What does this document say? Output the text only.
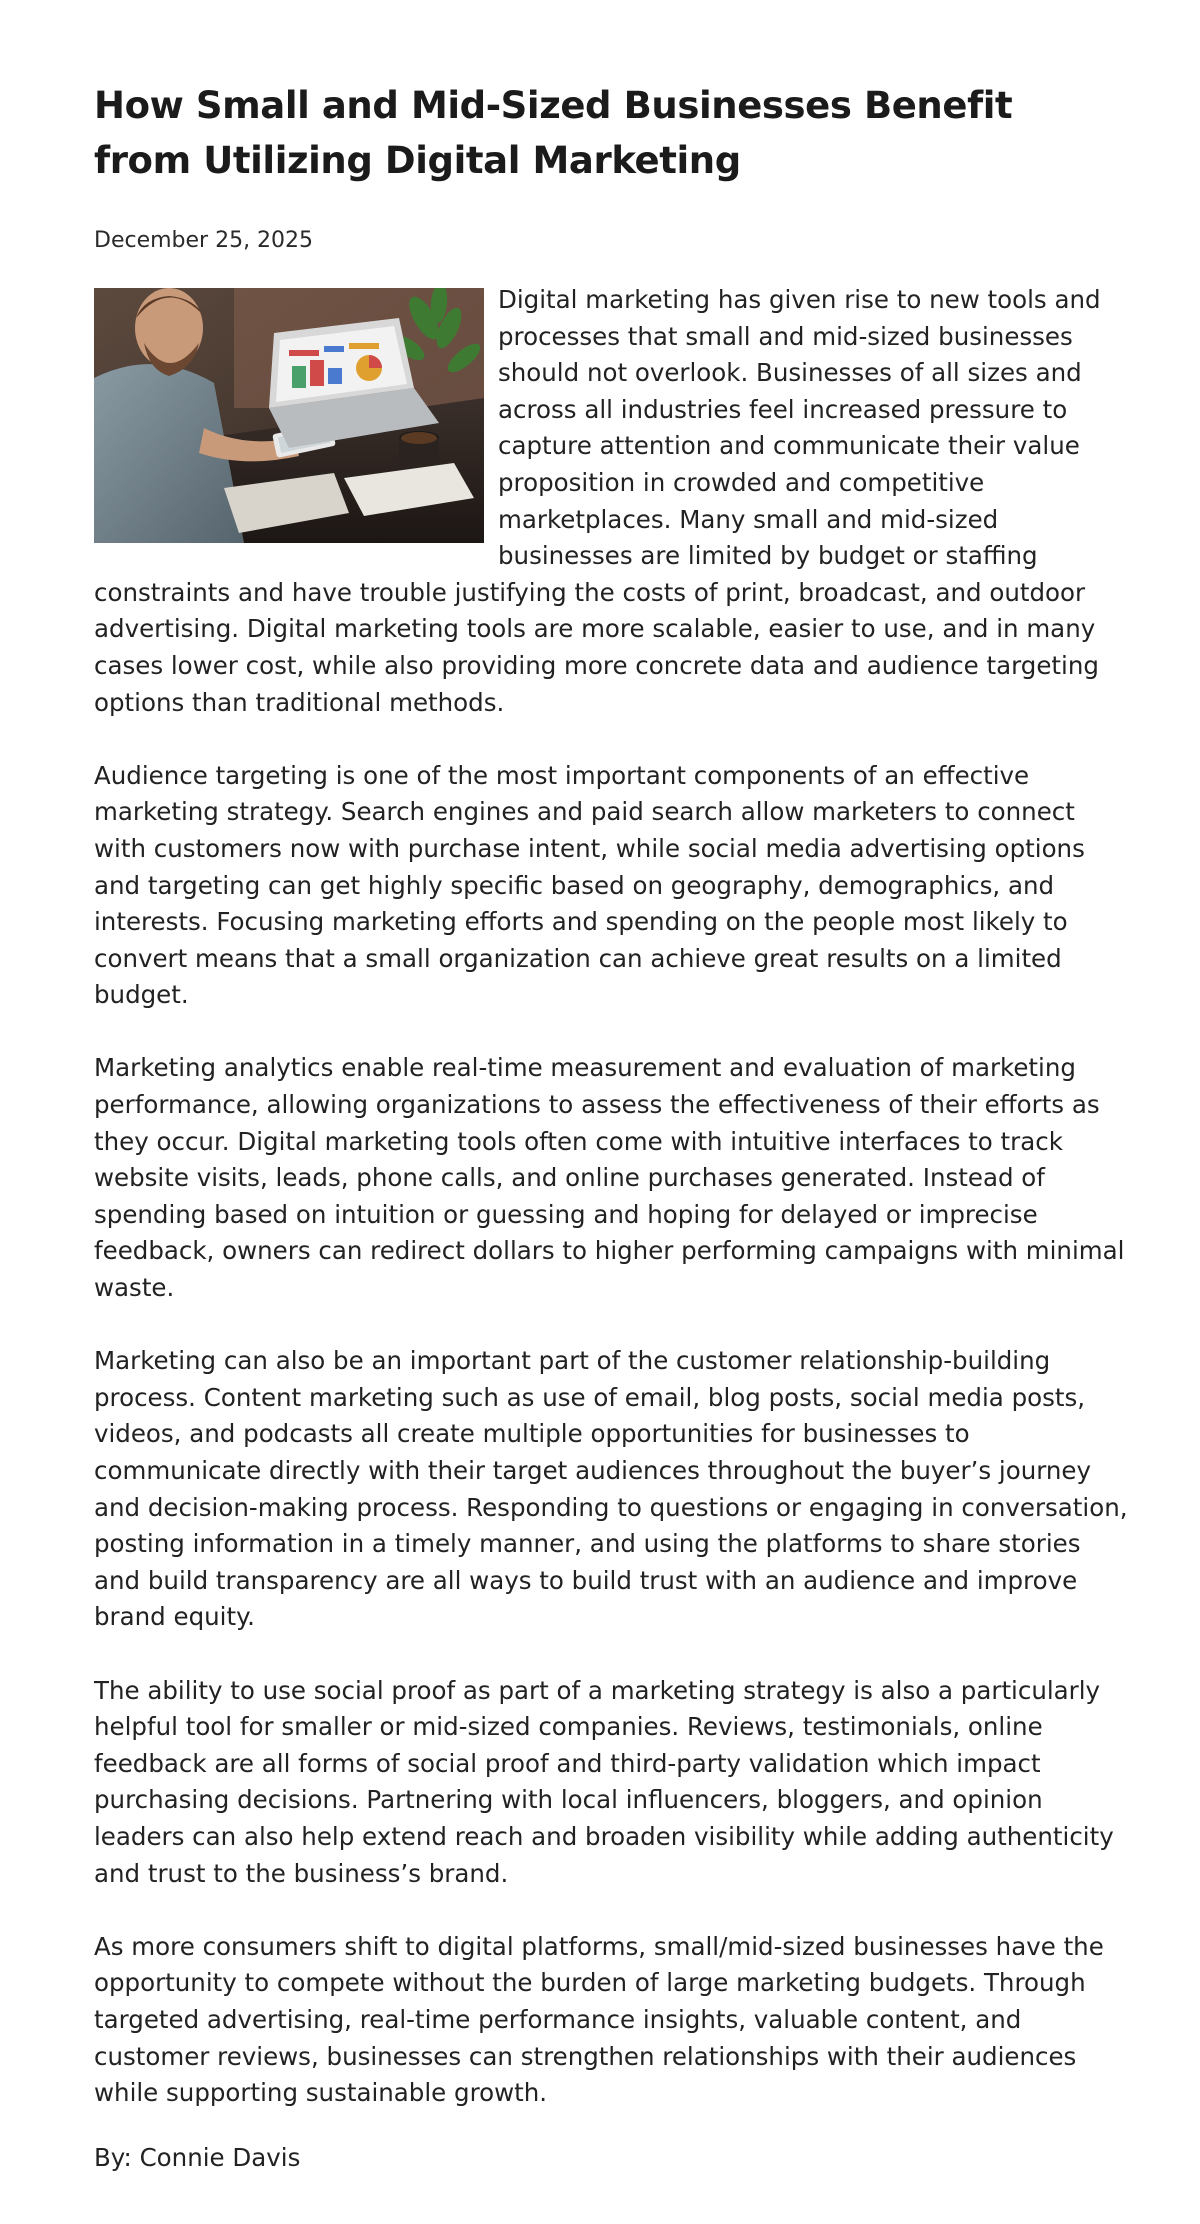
How Small and Mid-Sized Businesses Benefit from Utilizing Digital Marketing
December 25, 2025

Digital marketing has given rise to new tools and processes that small and mid-sized businesses should not overlook. Businesses of all sizes and across all industries feel increased pressure to capture attention and communicate their value proposition in crowded and competitive marketplaces. Many small and mid-sized businesses are limited by budget or staffing constraints and have trouble justifying the costs of print, broadcast, and outdoor advertising. Digital marketing tools are more scalable, easier to use, and in many cases lower cost, while also providing more concrete data and audience targeting options than traditional methods.

Audience targeting is one of the most important components of an effective marketing strategy. Search engines and paid search allow marketers to connect with customers now with purchase intent, while social media advertising options and targeting can get highly specific based on geography, demographics, and interests. Focusing marketing efforts and spending on the people most likely to convert means that a small organization can achieve great results on a limited budget.

Marketing analytics enable real-time measurement and evaluation of marketing performance, allowing organizations to assess the effectiveness of their efforts as they occur. Digital marketing tools often come with intuitive interfaces to track website visits, leads, phone calls, and online purchases generated. Instead of spending based on intuition or guessing and hoping for delayed or imprecise feedback, owners can redirect dollars to higher performing campaigns with minimal waste.

Marketing can also be an important part of the customer relationship-building process. Content marketing such as use of email, blog posts, social media posts, videos, and podcasts all create multiple opportunities for businesses to communicate directly with their target audiences throughout the buyer’s journey and decision-making process. Responding to questions or engaging in conversation, posting information in a timely manner, and using the platforms to share stories and build transparency are all ways to build trust with an audience and improve brand equity.

The ability to use social proof as part of a marketing strategy is also a particularly helpful tool for smaller or mid-sized companies. Reviews, testimonials, online feedback are all forms of social proof and third-party validation which impact purchasing decisions. Partnering with local influencers, bloggers, and opinion leaders can also help extend reach and broaden visibility while adding authenticity and trust to the business’s brand.

As more consumers shift to digital platforms, small/mid-sized businesses have the opportunity to compete without the burden of large marketing budgets. Through targeted advertising, real-time performance insights, valuable content, and customer reviews, businesses can strengthen relationships with their audiences while supporting sustainable growth.

By: Connie Davis
